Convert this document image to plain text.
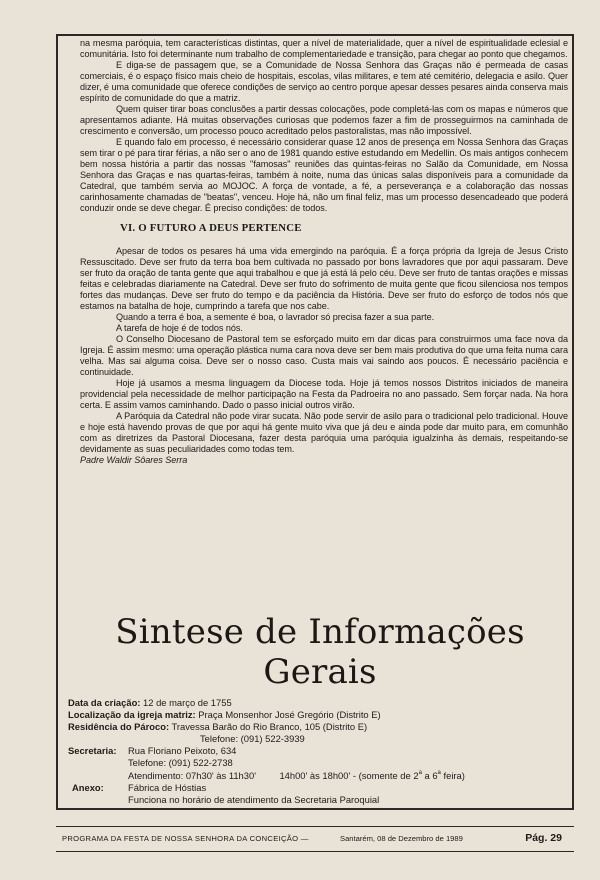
na mesma paróquia, tem características distintas, quer a nível de materialidade, quer a nível de espiritualidade eclesial e comunitária. Isto foi determinante num trabalho de complementariedade e transição, para chegar ao ponto que chegamos.

E diga-se de passagem que, se a Comunidade de Nossa Senhora das Graças não é permeada de casas comerciais, é o espaço físico mais cheio de hospitais, escolas, vilas militares, e tem até cemitério, delegacia e asilo. Quer dizer, é uma comunidade que oferece condições de serviço ao centro porque apesar desses pesares ainda conserva mais espírito de comunidade do que a matriz.

Quem quiser tirar boas conclusões a partir dessas colocações, pode completá-las com os mapas e números que apresentamos adiante. Há muitas observações curiosas que podemos fazer a fim de prosseguirmos na caminhada de crescimento e conversão, um processo pouco acreditado pelos pastoralistas, mas não impossível.

E quando falo em processo, é necessário considerar quase 12 anos de presença em Nossa Senhora das Graças sem tirar o pé para tirar férias, a não ser o ano de 1981 quando estive estudando em Medellin. Os mais antigos conhecem bem nossa história a partir das nossas "famosas" reuniões das quintas-feiras no Salão da Comunidade, em Nossa Senhora das Graças e nas quartas-feiras, também à noite, numa das únicas salas disponíveis para a comunidade da Catedral, que também servia ao MOJOC. A força de vontade, a fé, a perseverança e a colaboração das nossas carinhosamente chamadas de "beatas", venceu. Hoje há, não um final feliz, mas um processo desencadeado que poderá conduzir onde se deve chegar. É preciso condições: de todos.

VI. O FUTURO A DEUS PERTENCE

Apesar de todos os pesares há uma vida emergindo na paróquia. É a força própria da Igreja de Jesus Cristo Ressuscitado. Deve ser fruto da terra boa bem cultivada no passado por bons lavradores que por aqui passaram. Deve ser fruto da oração de tanta gente que aqui trabalhou e que já está lá pelo céu. Deve ser fruto de tantas orações e missas feitas e celebradas diariamente na Catedral. Deve ser fruto do sofrimento de muita gente que ficou silenciosa nos tempos fortes das mudanças. Deve ser fruto do tempo e da paciência da História. Deve ser fruto do esforço de todos nós que estamos na batalha de hoje, cumprindo a tarefa que nos cabe.

Quando a terra é boa, a semente é boa, o lavrador só precisa fazer a sua parte.

A tarefa de hoje é de todos nós.

O Conselho Diocesano de Pastoral tem se esforçado muito em dar dicas para construirmos uma face nova da Igreja. É assim mesmo: uma operação plástica numa cara nova deve ser bem mais produtiva do que uma feita numa cara velha. Mas sai alguma coisa. Deve ser o nosso caso. Custa mais vai saindo aos poucos. É necessário paciência e continuidade.

Hoje já usamos a mesma linguagem da Diocese toda. Hoje já temos nossos Distritos iniciados de maneira providencial pela necessidade de melhor participação na Festa da Padroeira no ano passado. Sem forçar nada. Na hora certa. E assim vamos caminhando. Dado o passo inicial outros virão.

A Paróquia da Catedral não pode virar sucata. Não pode servir de asilo para o tradicional pelo tradicional. Houve e hoje está havendo provas de que por aqui há gente muito viva que já deu e ainda pode dar muito para, em comunhão com as diretrizes da Pastoral Diocesana, fazer desta paróquia uma paróquia igualzinha às demais, respeitando-se devidamente as suas peculiaridades como todas tem.

Padre Waldir Sôares Serra

Sintese de Informações
Gerais
Data da criação: 12 de março de 1755
Localização da igreja matriz: Praça Monsenhor José Gregório (Distrito E)
Residência do Pároco: Travessa Barão do Rio Branco, 105 (Distrito E)
Telefone: (091) 522-3939
Secretaria: Rua Floriano Peixoto, 634
Telefone: (091) 522-2738
Atendimento: 07h30' às 11h30' 14h00' às 18h00' - (somente de 2$^a$ a 6$^a$ feira)
Anexo:	Fábrica de Hóstias
Funciona no horário de atendimento da Secretaria Paroquial
PROGRAMA DA FESTA DE NOSSA SENHORA DA CONCEIÇÃO —	Santarém, 08 de Dezembro de 1989	Pág. 29
